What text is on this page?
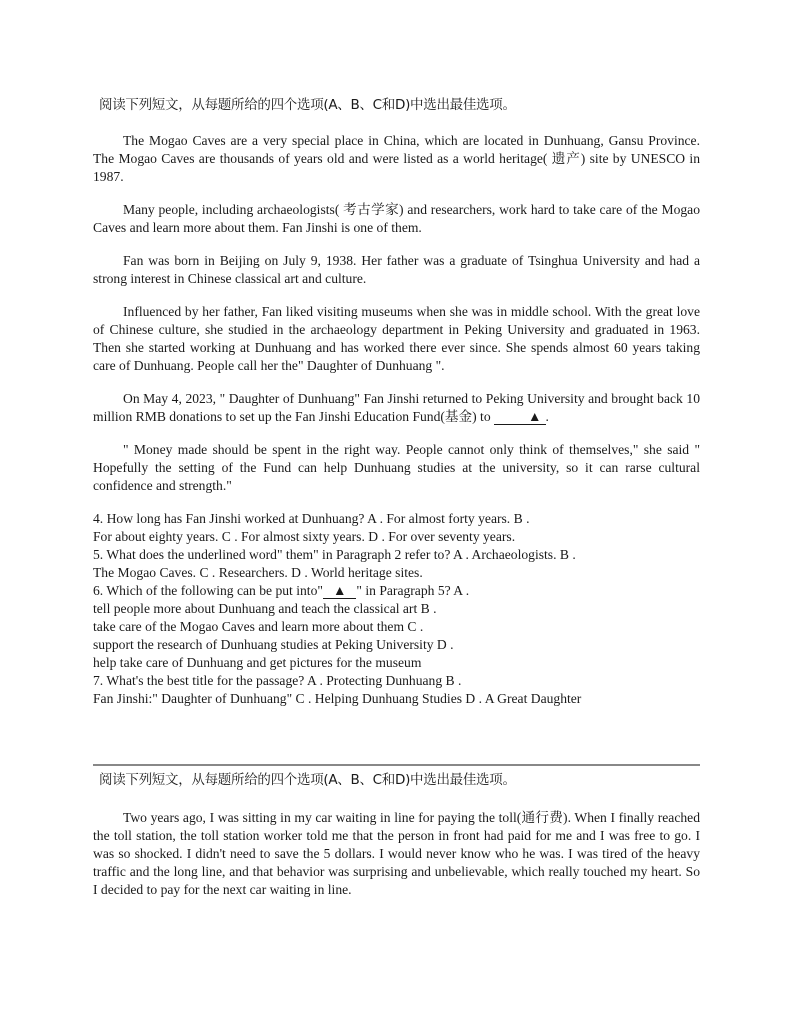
阅读下列短文，从每题所给的四个选项(A、B、C和D)中选出最佳选项。

The Mogao Caves are a very special place in China, which are located in Dunhuang, Gansu Province. The Mogao Caves are thousands of years old and were listed as a world heritage( 遗产) site by UNESCO in 1987.

Many people, including archaeologists( 考古学家) and researchers, work hard to take care of the Mogao Caves and learn more about them. Fan Jinshi is one of them.

Fan was born in Beijing on July 9, 1938. Her father was a graduate of Tsinghua University and had a strong interest in Chinese classical art and culture.

Influenced by her father, Fan liked visiting museums when she was in middle school. With the great love of Chinese culture, she studied in the archaeology department in Peking University and graduated in 1963. Then she started working at Dunhuang and has worked there ever since. She spends almost 60 years taking care of Dunhuang. People call her the" Daughter of Dunhuang ".

On May 4, 2023, " Daughter of Dunhuang" Fan Jinshi returned to Peking University and brought back 10 million RMB donations to set up the Fan Jinshi Education Fund(基金) to	▲ .

" Money made should be spent in the right way. People cannot only think of themselves," she said " Hopefully the setting of the Fund can help Dunhuang studies at the university, so it can rarse cultural confidence and strength."

4. How long has Fan Jinshi worked at Dunhuang? A . For almost forty years. B .

For about eighty years. C . For almost sixty years. D . For over seventy years.

5. What does the underlined word" them" in Paragraph 2 refer to? A . Archaeologists. B .

The Mogao Caves. C . Researchers. D . World heritage sites.

6. Which of the following can be put into" ▲ " in Paragraph 5? A .

tell people more about Dunhuang and teach the classical art B .

take care of the Mogao Caves and learn more about them C .

support the research of Dunhuang studies at Peking University D .

help take care of Dunhuang and get pictures for the museum

7. What's the best title for the passage? A . Protecting Dunhuang B .

Fan Jinshi:" Daughter of Dunhuang" C . Helping Dunhuang Studies D . A Great Daughter

阅读下列短文，从每题所给的四个选项(A、B、C和D)中选出最佳选项。

Two years ago, I was sitting in my car waiting in line for paying the toll(通行费). When I finally reached the toll station, the toll station worker told me that the person in front had paid for me and I was free to go. I was so shocked. I didn't need to save the 5 dollars. I would never know who he was. I was tired of the heavy traffic and the long line, and that behavior was surprising and unbelievable, which really touched my heart. So I decided to pay for the next car waiting in line.
